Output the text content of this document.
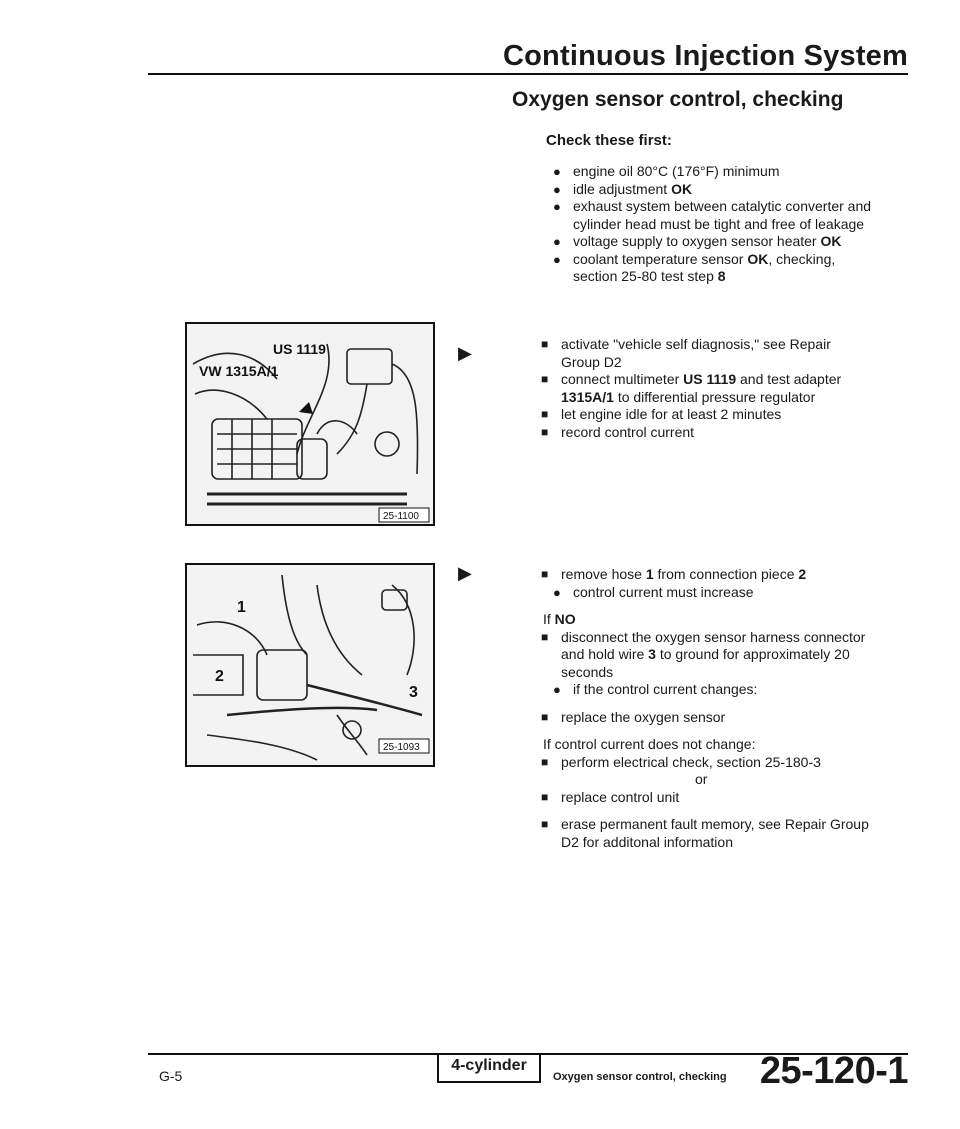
Continuous Injection System
Oxygen sensor control, checking
Check these first:
● engine oil 80°C (176°F) minimum
● idle adjustment OK
● exhaust system between catalytic converter and cylinder head must be tight and free of leakage
● voltage supply to oxygen sensor heater OK
● coolant temperature sensor OK, checking, section 25-80 test step 8
■ activate "vehicle self diagnosis," see Repair Group D2
■ connect multimeter US 1119 and test adapter 1315A/1 to differential pressure regulator
■ let engine idle for at least 2 minutes
■ record control current
■ remove hose 1 from connection piece 2
● control current must increase
If NO
■ disconnect the oxygen sensor harness connector and hold wire 3 to ground for approximately 20 seconds
● if the control current changes:
■ replace the oxygen sensor
If control current does not change:
■ perform electrical check, section 25-180-3
or
■ replace control unit
■ erase permanent fault memory, see Repair Group D2 for additonal information
US 1119
VW 1315A/1
25-1100
▶
1
2
3
25-1093
▶
G-5
4-cylinder
Oxygen sensor control, checking 25-120-1
